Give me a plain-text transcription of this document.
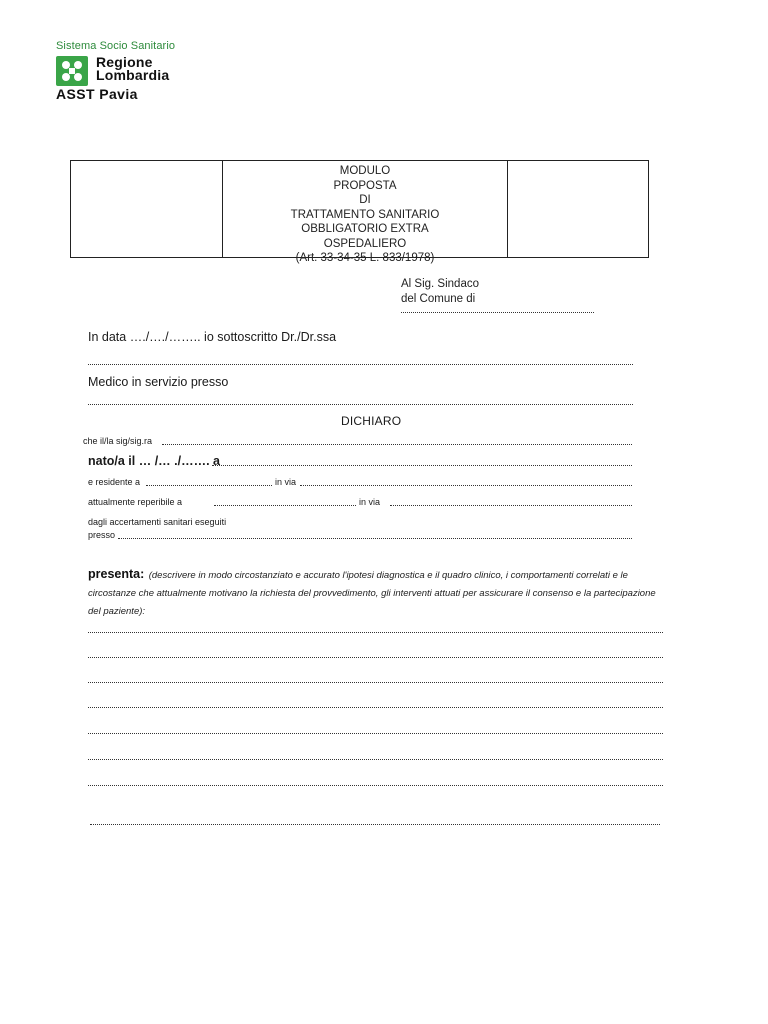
Sistema Socio Sanitario
Regione
Lombardia
ASST Pavia
MODULO
PROPOSTA
DI
TRATTAMENTO SANITARIO
OBBLIGATORIO EXTRA
OSPEDALIERO
(Art. 33-34-35 L. 833/1978)
Al Sig. Sindaco
del Comune di
In data …./…./…….. io sottoscritto Dr./Dr.ssa
Medico in servizio presso
DICHIARO
che il/la sig/sig.ra
nato/a il … /… ./……. a
e residente a	in via
attualmente reperibile a	in via
dagli accertamenti sanitari eseguiti
presso
presenta: (descrivere in modo circostanziato e accurato l'ipotesi diagnostica e il quadro clinico, i comportamenti correlati e le circostanze che attualmente motivano la richiesta del provvedimento, gli interventi attuati per assicurare il consenso e la partecipazione del paziente):
